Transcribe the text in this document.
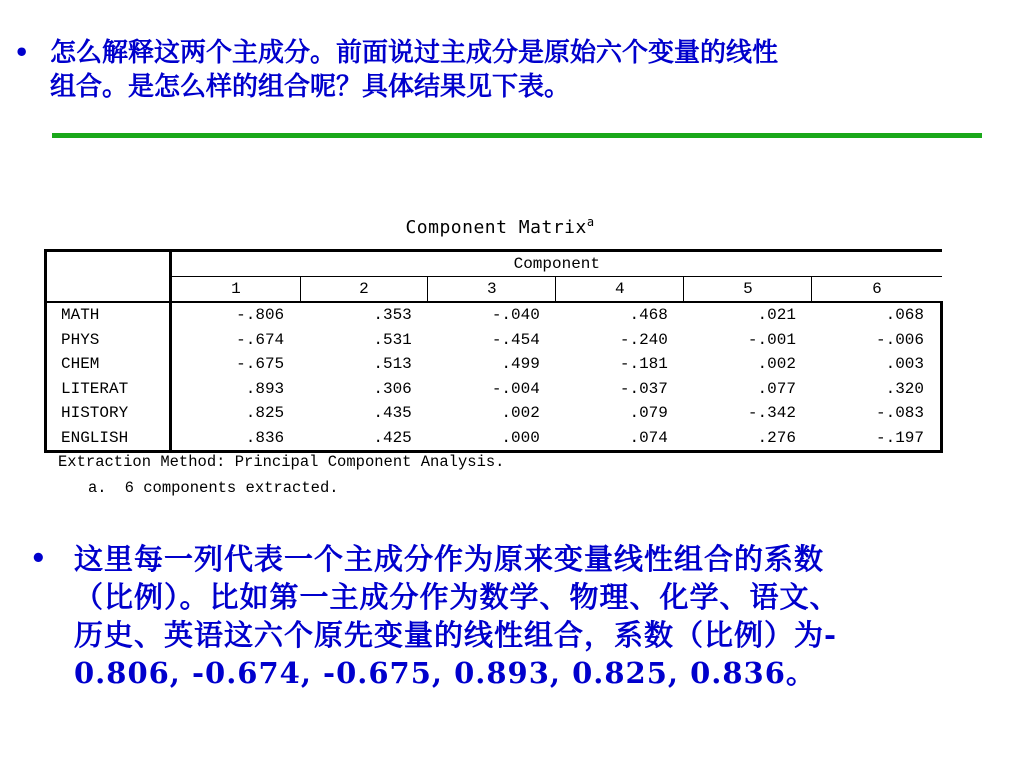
• 怎么解释这两个主成分。前面说过主成分是原始六个变量的线性
组合。是怎么样的组合呢？具体结果见下表。
Component Matrix$^a$
	Component					
	1	2	3	4	5	6
MATH	-.806	.353	-.040	.468	.021	.068
PHYS	-.674	.531	-.454	-.240	-.001	-.006
CHEM	-.675	.513	.499	-.181	.002	.003
LITERAT	.893	.306	-.004	-.037	.077	.320
HISTORY	.825	.435	.002	.079	-.342	-.083
ENGLISH	.836	.425	.000	.074	.276	-.197
Extraction Method: Principal Component Analysis.
a. 6 components extracted.
• 这里每一列代表一个主成分作为原来变量线性组合的系数
（比例）。比如第一主成分作为数学、物理、化学、语文、
历史、英语这六个原先变量的线性组合，系数（比例）为-
0.806, -0.674, -0.675, 0.893, 0.825, 0.836。
